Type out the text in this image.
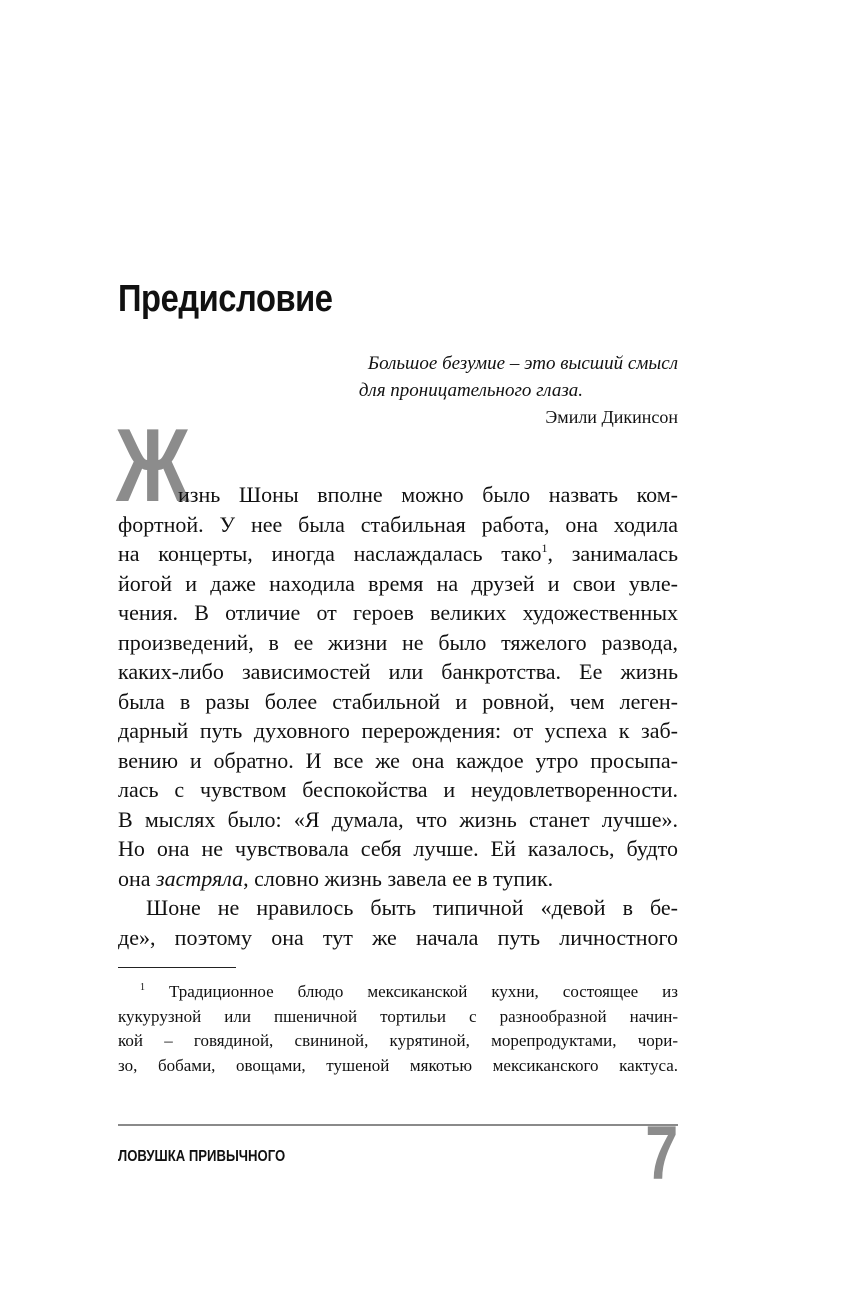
Предисловие
Большое безумие – это высший смысл
для проницательного глаза.
Эмили Дикинсон
Ж
изнь Шоны вполне можно было назвать ком-
фортной. У нее была стабильная работа, она ходила
на концерты, иногда наслаждалась тако$^1$, занималась
йогой и даже находила время на друзей и свои увле-
чения. В отличие от героев великих художественных
произведений, в ее жизни не было тяжелого развода,
каких-либо зависимостей или банкротства. Ее жизнь
была в разы более стабильной и ровной, чем леген-
дарный путь духовного перерождения: от успеха к заб-
вению и обратно. И все же она каждое утро просыпа-
лась с чувством беспокойства и неудовлетворенности.
В мыслях было: «Я думала, что жизнь станет лучше».
Но она не чувствовала себя лучше. Ей казалось, будто
она застряла, словно жизнь завела ее в тупик.
Шоне не нравилось быть типичной «девой в бе-
де», поэтому она тут же начала путь личностного
$^1$ Традиционное блюдо мексиканской кухни, состоящее из
кукурузной или пшеничной тортильи с разнообразной начин-
кой – говядиной, свининой, курятиной, морепродуктами, чори-
зо, бобами, овощами, тушеной мякотью мексиканского кактуса.
ЛОВУШКА ПРИВЫЧНОГО	7
